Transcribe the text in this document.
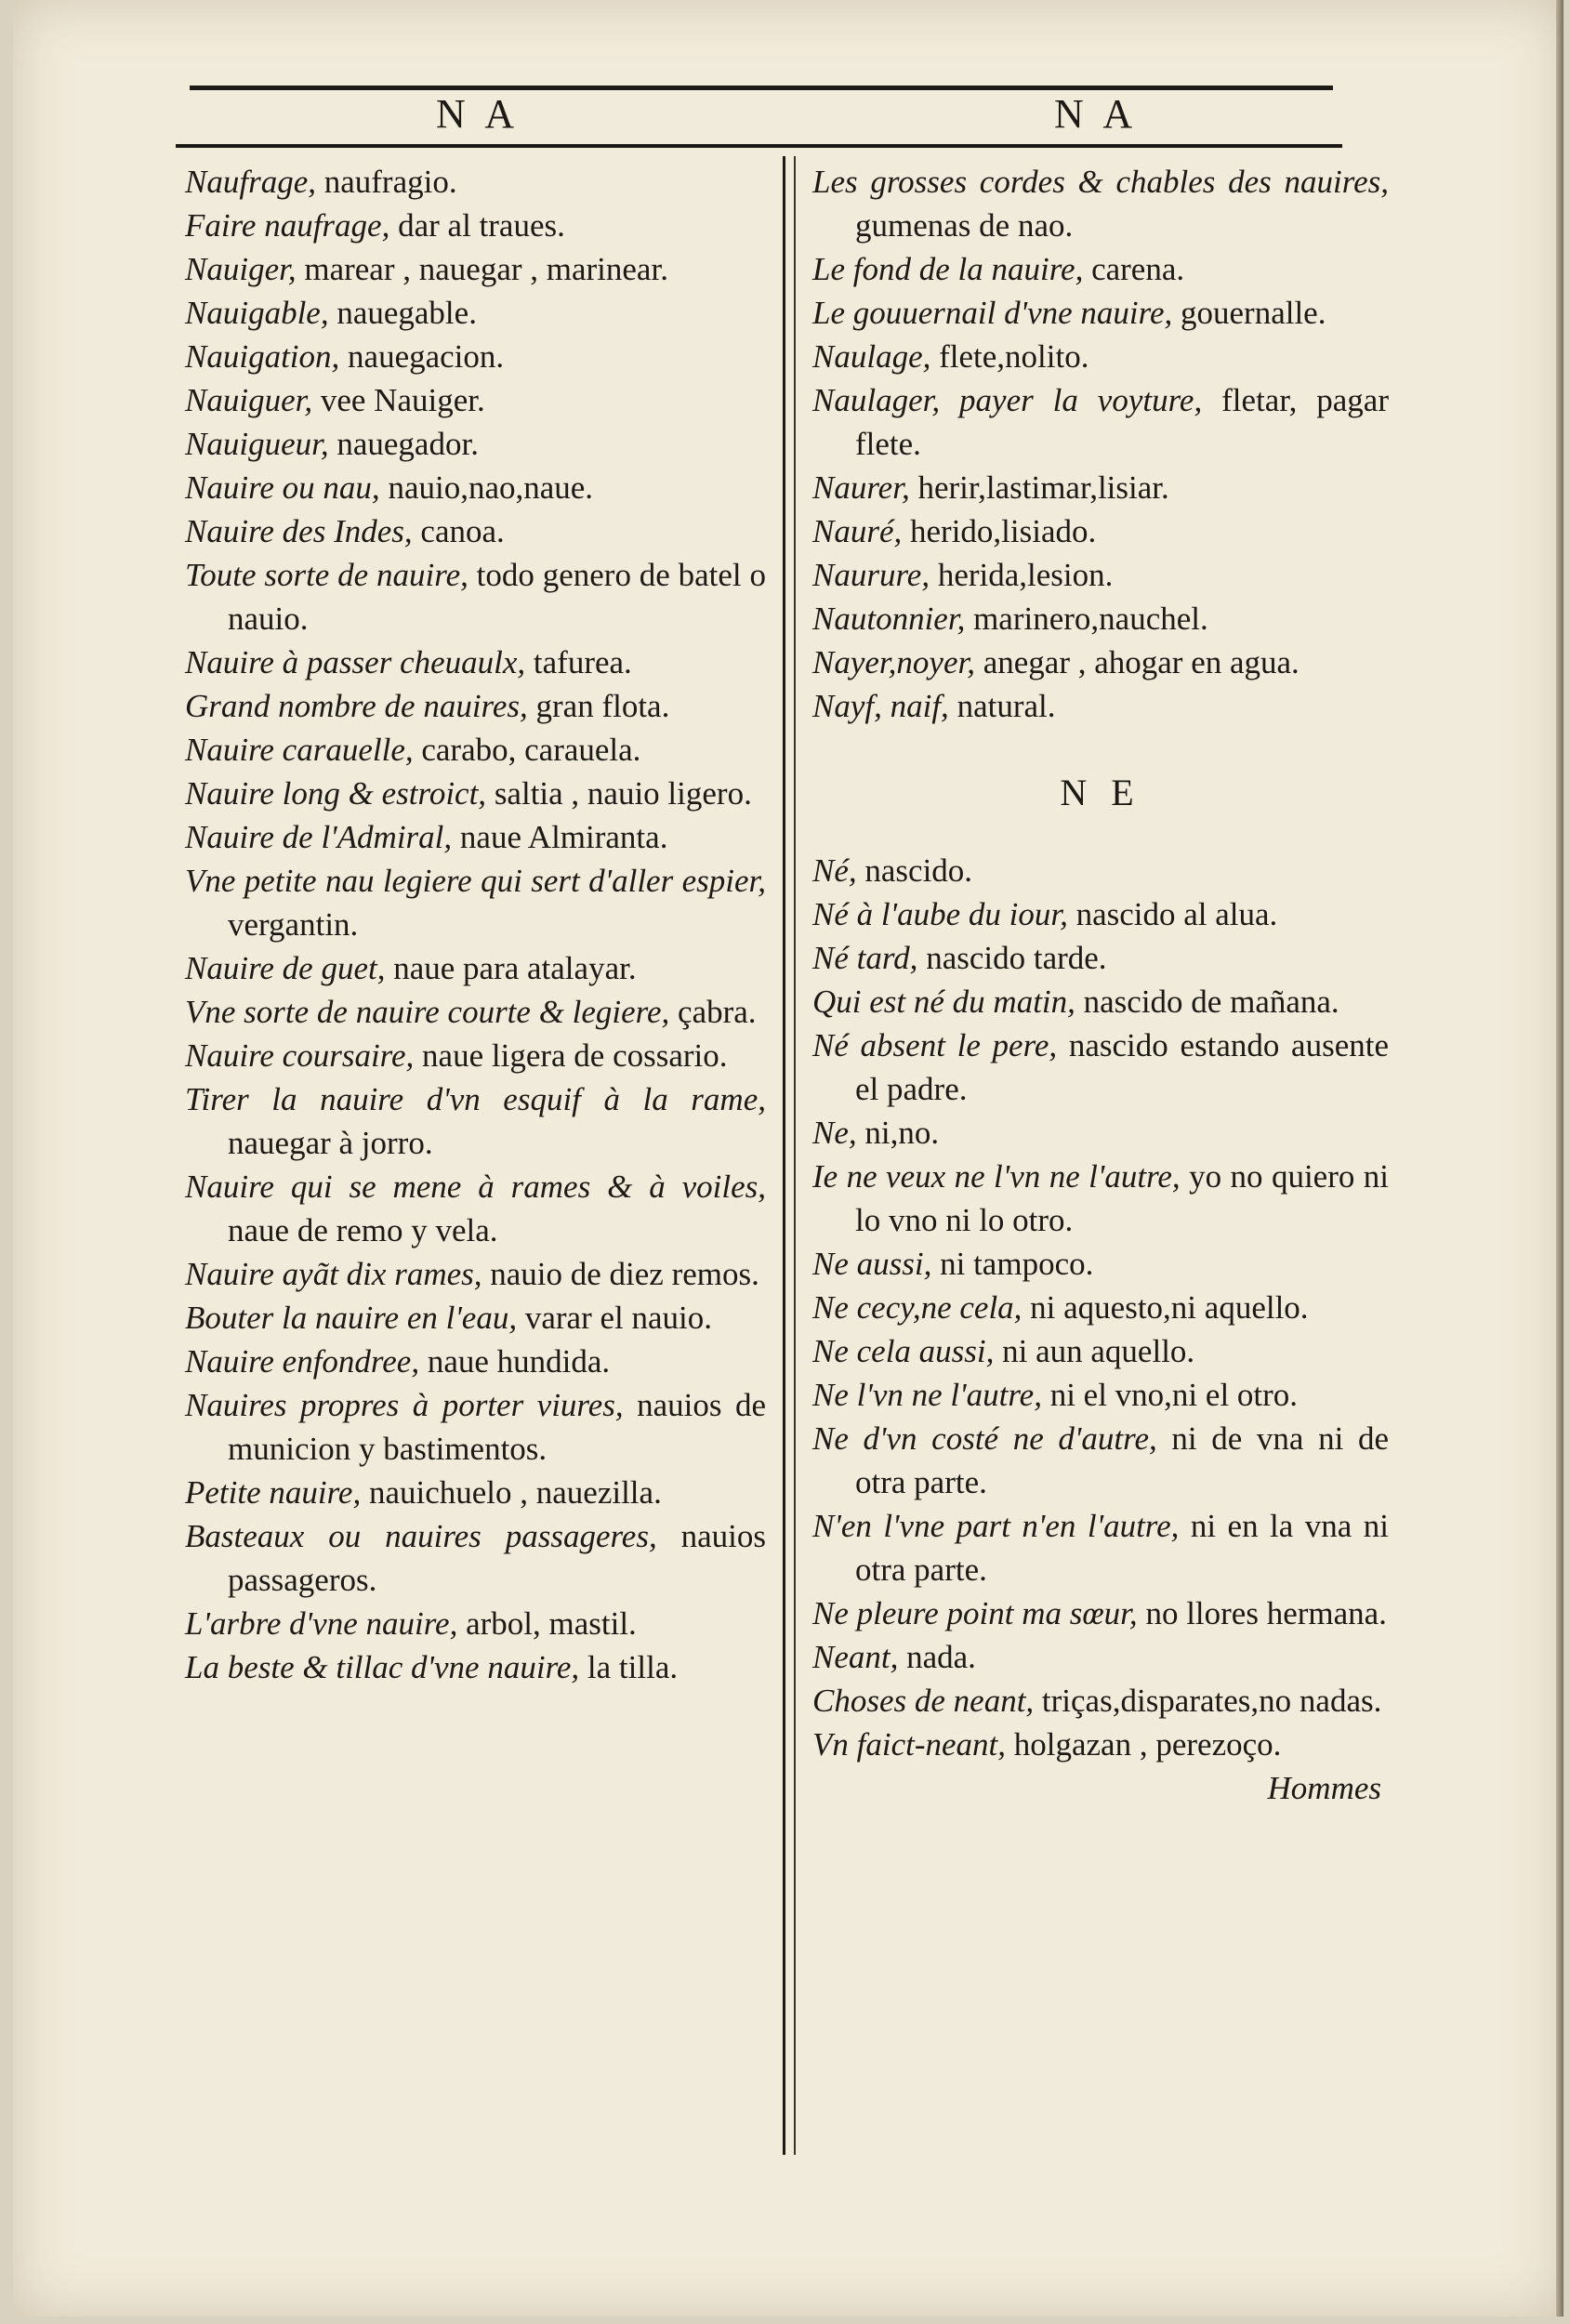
N A	N A

Naufrage, naufragio.

Faire naufrage, dar al traues.

Nauiger, marear , nauegar , marinear.

Nauigable, nauegable.

Nauigation, nauegacion.

Nauiguer, vee Nauiger.

Nauigueur, nauegador.

Nauire ou nau, nauio,nao,naue.

Nauire des Indes, canoa.

Toute sorte de nauire, todo genero de batel o nauio.

Nauire à passer cheuaulx, tafurea.

Grand nombre de nauires, gran flota.

Nauire carauelle, carabo, carauela.

Nauire long & estroict, saltia , nauio ligero.

Nauire de l'Admiral, naue Almiranta.

Vne petite nau legiere qui sert d'aller espier, vergantin.

Nauire de guet, naue para atalayar.

Vne sorte de nauire courte & legiere, çabra.

Nauire coursaire, naue ligera de cossario.

Tirer la nauire d'vn esquif à la rame, nauegar à jorro.

Nauire qui se mene à rames & à voiles, naue de remo y vela.

Nauire ayãt dix rames, nauio de diez remos.

Bouter la nauire en l'eau, varar el nauio.

Nauire enfondree, naue hundida.

Nauires propres à porter viures, nauios de municion y bastimentos.

Petite nauire, nauichuelo , nauezilla.

Basteaux ou nauires passageres, nauios passageros.

L'arbre d'vne nauire, arbol, mastil.

La beste & tillac d'vne nauire, la tilla.

Les grosses cordes & chables des nauires, gumenas de nao.

Le fond de la nauire, carena.

Le gouuernail d'vne nauire, gouernalle.

Naulage, flete,nolito.

Naulager, payer la voyture, fletar, pagar flete.

Naurer, herir,lastimar,lisiar.

Nauré, herido,lisiado.

Naurure, herida,lesion.

Nautonnier, marinero,nauchel.

Nayer,noyer, anegar , ahogar en agua.

Nayf, naif, natural.

N E

Né, nascido.

Né à l'aube du iour, nascido al alua.

Né tard, nascido tarde.

Qui est né du matin, nascido de mañana.

Né absent le pere, nascido estando ausente el padre.

Ne, ni,no.

Ie ne veux ne l'vn ne l'autre, yo no quiero ni lo vno ni lo otro.

Ne aussi, ni tampoco.

Ne cecy,ne cela, ni aquesto,ni aquello.

Ne cela aussi, ni aun aquello.

Ne l'vn ne l'autre, ni el vno,ni el otro.

Ne d'vn costé ne d'autre, ni de vna ni de otra parte.

N'en l'vne part n'en l'autre, ni en la vna ni otra parte.

Ne pleure point ma sœur, no llores hermana.

Neant, nada.

Choses de neant, triças,disparates,no nadas.

Vn faict-neant, holgazan , perezoço.

Hommes
